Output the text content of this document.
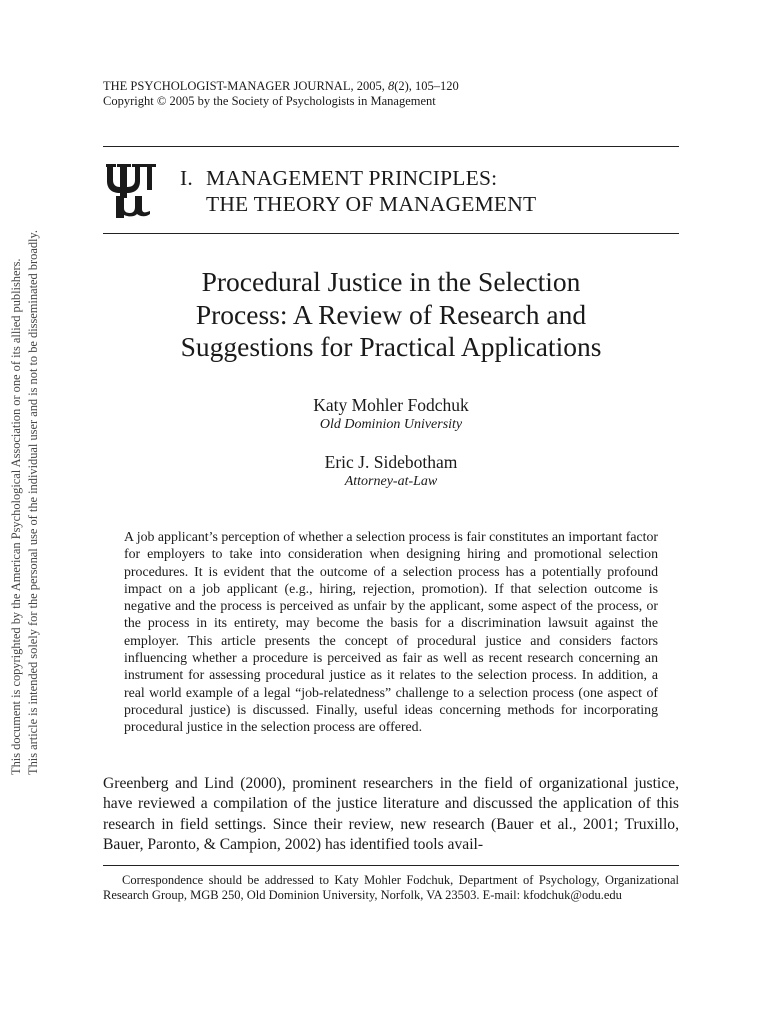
This document is copyrighted by the American Psychological Association or one of its allied publishers. This article is intended solely for the personal use of the individual user and is not to be disseminated broadly.
THE PSYCHOLOGIST-MANAGER JOURNAL, 2005, 8(2), 105–120
Copyright © 2005 by the Society of Psychologists in Management
I. MANAGEMENT PRINCIPLES:
THE THEORY OF MANAGEMENT
Procedural Justice in the Selection
Process: A Review of Research and
Suggestions for Practical Applications
Katy Mohler Fodchuk
Old Dominion University
Eric J. Sidebotham
Attorney-at-Law
A job applicant’s perception of whether a selection process is fair constitutes an important factor for employers to take into consideration when designing hiring and promotional selection procedures. It is evident that the outcome of a selection process has a potentially profound impact on a job applicant (e.g., hiring, rejection, promotion). If that selection outcome is negative and the process is perceived as unfair by the applicant, some aspect of the process, or the process in its entirety, may become the basis for a discrimination lawsuit against the employer. This article presents the concept of procedural justice and considers factors influencing whether a procedure is perceived as fair as well as recent research concerning an instrument for assessing procedural justice as it relates to the selection process. In addition, a real world example of a legal “job-relatedness” challenge to a selection process (one aspect of procedural justice) is discussed. Finally, useful ideas concerning methods for incorporating procedural justice in the selection process are offered.
Greenberg and Lind (2000), prominent researchers in the field of organizational justice, have reviewed a compilation of the justice literature and discussed the application of this research in field settings. Since their review, new research (Bauer et al., 2001; Truxillo, Bauer, Paronto, & Campion, 2002) has identified tools avail-
Correspondence should be addressed to Katy Mohler Fodchuk, Department of Psychology, Organizational Research Group, MGB 250, Old Dominion University, Norfolk, VA 23503. E-mail: kfodchuk@odu.edu
